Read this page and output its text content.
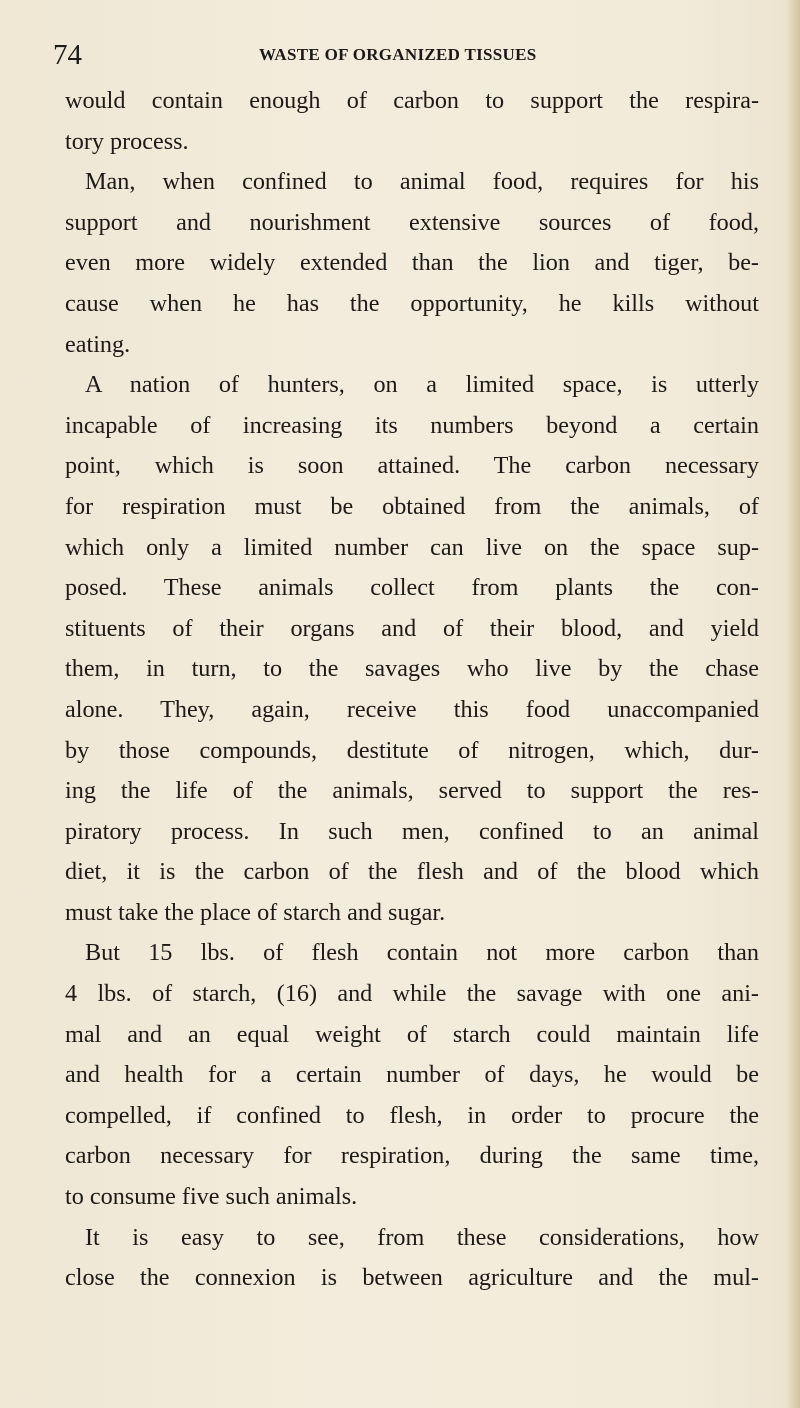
74	WASTE OF ORGANIZED TISSUES
would contain enough of carbon to support the respira-
tory process.
Man, when confined to animal food, requires for his
support and nourishment extensive sources of food,
even more widely extended than the lion and tiger, be-
cause when he has the opportunity, he kills without
eating.
A nation of hunters, on a limited space, is utterly
incapable of increasing its numbers beyond a certain
point, which is soon attained. The carbon necessary
for respiration must be obtained from the animals, of
which only a limited number can live on the space sup-
posed. These animals collect from plants the con-
stituents of their organs and of their blood, and yield
them, in turn, to the savages who live by the chase
alone. They, again, receive this food unaccompanied
by those compounds, destitute of nitrogen, which, dur-
ing the life of the animals, served to support the res-
piratory process. In such men, confined to an animal
diet, it is the carbon of the flesh and of the blood which
must take the place of starch and sugar.
But 15 lbs. of flesh contain not more carbon than
4 lbs. of starch, (16) and while the savage with one ani-
mal and an equal weight of starch could maintain life
and health for a certain number of days, he would be
compelled, if confined to flesh, in order to procure the
carbon necessary for respiration, during the same time,
to consume five such animals.
It is easy to see, from these considerations, how
close the connexion is between agriculture and the mul-
